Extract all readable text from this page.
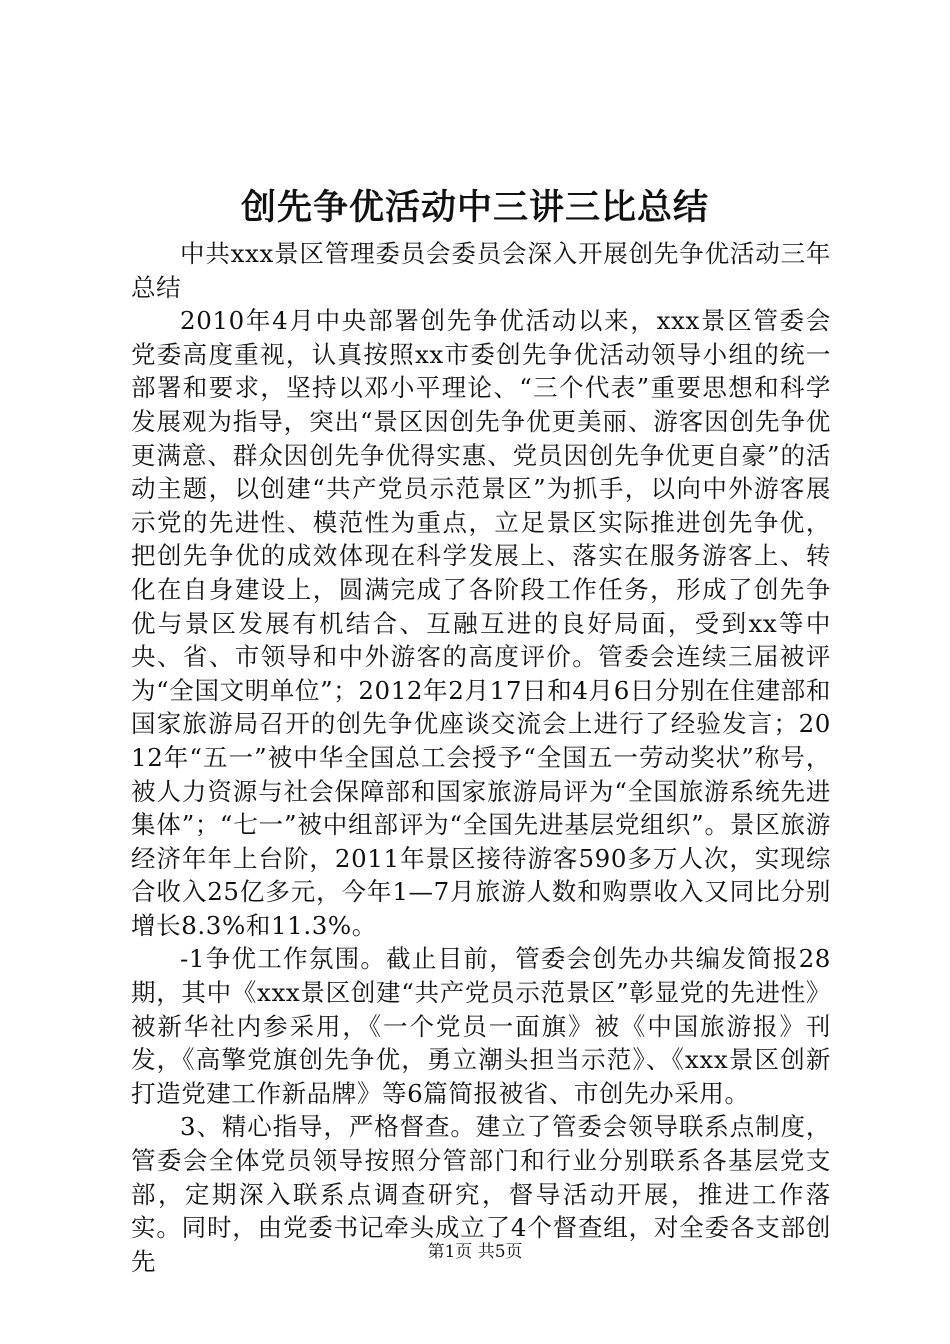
创先争优活动中三讲三比总结

中共xxx景区管理委员会委员会深入开展创先争优活动三年总结

2010年4月中央部署创先争优活动以来，xxx景区管委会党委高度重视，认真按照xx市委创先争优活动领导小组的统一部署和要求，坚持以邓小平理论、“三个代表”重要思想和科学发展观为指导，突出“景区因创先争优更美丽、游客因创先争优更满意、群众因创先争优得实惠、党员因创先争优更自豪”的活动主题，以创建“共产党员示范景区”为抓手，以向中外游客展示党的先进性、模范性为重点，立足景区实际推进创先争优，把创先争优的成效体现在科学发展上、落实在服务游客上、转化在自身建设上，圆满完成了各阶段工作任务，形成了创先争优与景区发展有机结合、互融互进的良好局面，受到xx等中央、省、市领导和中外游客的高度评价。管委会连续三届被评为“全国文明单位”；2012年2月17日和4月6日分别在住建部和国家旅游局召开的创先争优座谈交流会上进行了经验发言；2012年“五一”被中华全国总工会授予“全国五一劳动奖状”称号，被人力资源与社会保障部和国家旅游局评为“全国旅游系统先进集体”；“七一”被中组部评为“全国先进基层党组织”。景区旅游经济年年上台阶，2011年景区接待游客590多万人次，实现综合收入25亿多元，今年1—7月旅游人数和购票收入又同比分别增长8.3%和11.3%。

-1争优工作氛围。截止目前，管委会创先办共编发简报28期，其中《xxx景区创建“共产党员示范景区”彰显党的先进性》被新华社内参采用，《一个党员一面旗》被《中国旅游报》刊发，《高擎党旗创先争优，勇立潮头担当示范》、《xxx景区创新打造党建工作新品牌》等6篇简报被省、市创先办采用。

3、精心指导，严格督查。建立了管委会领导联系点制度，管委会全体党员领导按照分管部门和行业分别联系各基层党支部，定期深入联系点调查研究，督导活动开展，推进工作落实。同时，由党委书记牵头成立了4个督查组，对全委各支部创先	第1页 共5页
